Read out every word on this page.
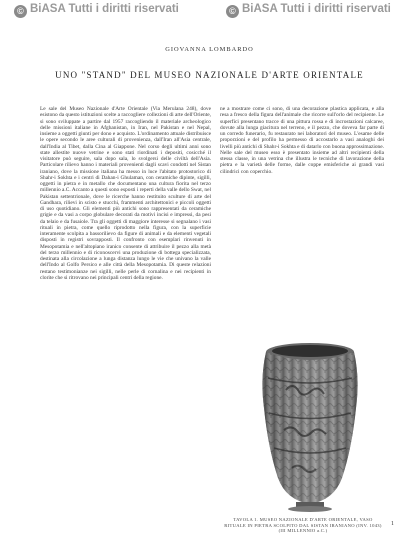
© BiASA Tutti i diritti riservati	© BiASA Tutti i diritti riservati
GIOVANNA LOMBARDO
UNO "STAND" DEL MUSEO NAZIONALE D'ARTE ORIENTALE
Le sale del Museo Nazionale d'Arte Orientale (Via Merulana 248), dove esistono da questo istituzioni scelte a raccogliere collezioni di arte dell'Oriente, si sono sviluppate a partire dal 1957 raccogliendo il materiale archeologico delle missioni italiane in Afghanistan, in Iran, nel Pakistan e nel Nepal, insieme a oggetti giunti per dono e acquisto. L'ordinamento attuale distribuisce le opere secondo le aree culturali di provenienza, dall'Iran all'Asia centrale, dall'India al Tibet, dalla Cina al Giappone. Nel corso degli ultimi anni sono state allestite nuove vetrine e sono stati riordinati i depositi, cosicché il visitatore può seguire, sala dopo sala, lo svolgersi delle civiltà dell'Asia. Particolare rilievo hanno i materiali provenienti dagli scavi condotti nel Sistan iraniano, dove la missione italiana ha messo in luce l'abitato protostorico di Shahr-i Sokhta e i centri di Dahan-i Ghulaman, con ceramiche dipinte, sigilli, oggetti in pietra e in metallo che documentano una cultura fiorita nel terzo millennio a.C. Accanto a questi sono esposti i reperti della valle dello Swat, nel Pakistan settentrionale, dove le ricerche hanno restituito sculture di arte del Gandhara, rilievi in scisto e stucchi, frammenti architettonici e piccoli oggetti di uso quotidiano. Gli elementi più antichi sono rappresentati da ceramiche grigie e da vasi a corpo globulare decorati da motivi incisi e impressi, da pesi da telaio e da fusaiole. Tra gli oggetti di maggiore interesse si segnalano i vasi rituali in pietra, come quello riprodotto nella figura, con la superficie interamente scolpita a bassorilievo da figure di animali e da elementi vegetali disposti in registri sovrapposti. Il confronto con esemplari rinvenuti in Mesopotamia e nell'altopiano iranico consente di attribuire il pezzo alla metà del terzo millennio e di riconoscervi una produzione di bottega specializzata, destinata alla circolazione a lunga distanza lungo le vie che univano la valle dell'Indo al Golfo Persico e alle città della Mesopotamia. Di queste relazioni restano testimonianze nei sigilli, nelle perle di cornalina e nei recipienti in clorite che si ritrovano nei principali centri della regione.
ne a mostrare come ci sono, di una decorazione plastica applicata, e alla resa a fresco della figura dell'animale che ricorre sull'orlo del recipiente. Le superfici presentano tracce di una pittura rossa e di incrostazioni calcaree, dovute alla lunga giacitura nel terreno, e il pezzo, che doveva far parte di un corredo funerario, fu restaurato nei laboratori del museo. L'esame delle proporzioni e del profilo ha permesso di accostarlo a vasi analoghi dei livelli più antichi di Shahr-i Sokhta e di datarlo con buona approssimazione. Nelle sale del museo esso è presentato insieme ad altri recipienti della stessa classe, in una vetrina che illustra le tecniche di lavorazione della pietra e la varietà delle forme, dalle coppe emisferiche ai grandi vasi cilindrici con coperchio.
TAVOLA 1. MUSEO NAZIONALE D'ARTE ORIENTALE, VASO RITUALE IN PIETRA SCOLPITO DAL SISTAN IRANIANO (INV. 1043) (III MILLENNIO a.C.)
1
